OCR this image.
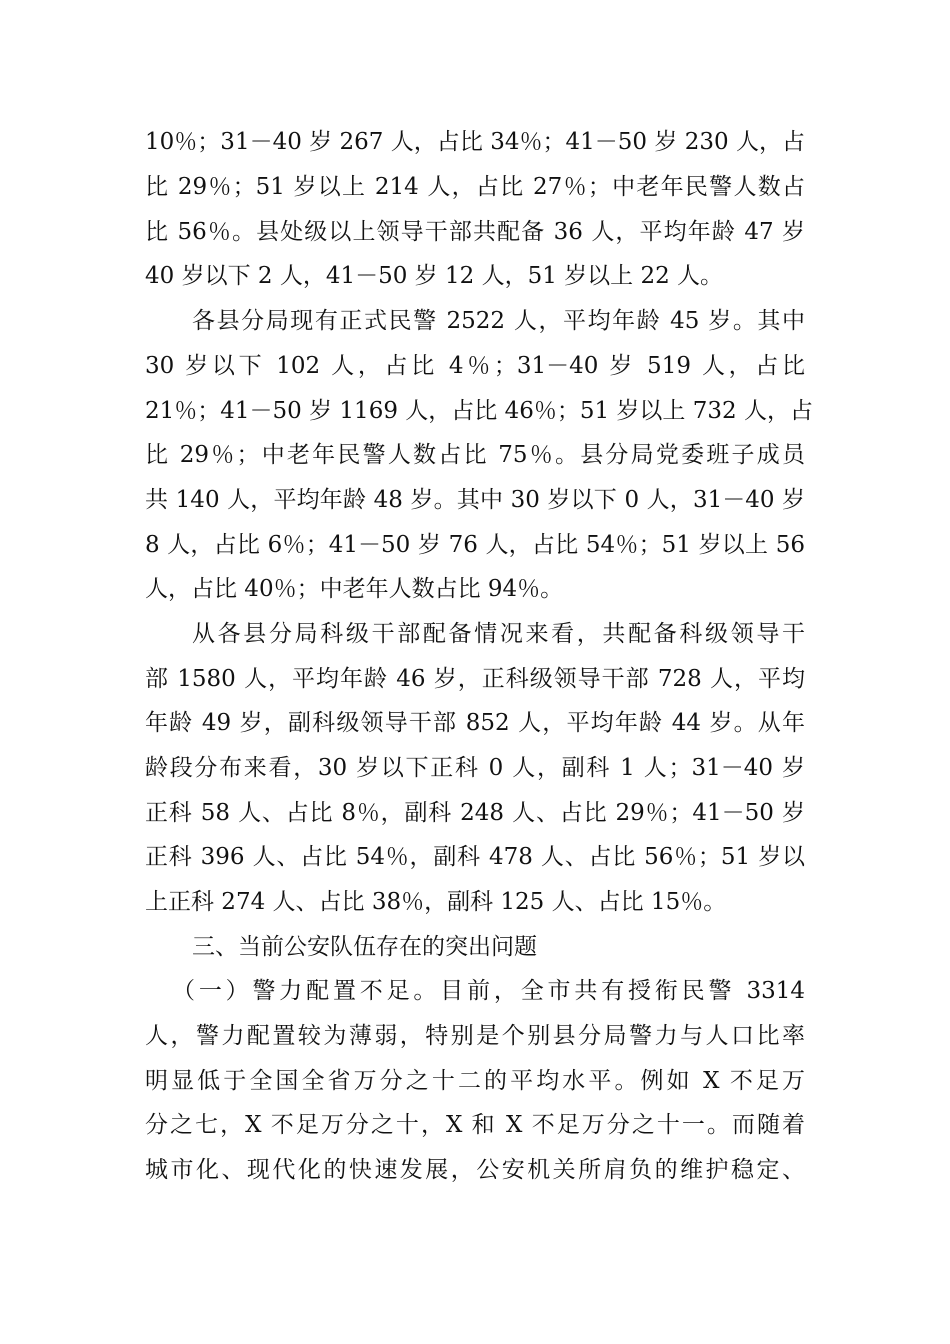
10％；31－40 岁 267 人，占比 34％；41－50 岁 230 人，占
比 29％；51 岁以上 214 人，占比 27％；中老年民警人数占
比 56％。县处级以上领导干部共配备 36 人，平均年龄 47 岁
40 岁以下 2 人，41－50 岁 12 人，51 岁以上 22 人。
各县分局现有正式民警 2522 人，平均年龄 45 岁。其中
30 岁以下 102 人，占比 4％；31－40 岁 519 人，占比
21％；41－50 岁 1169 人，占比 46％；51 岁以上 732 人，占
比 29％；中老年民警人数占比 75％。县分局党委班子成员
共 140 人，平均年龄 48 岁。其中 30 岁以下 0 人，31－40 岁
8 人，占比 6％；41－50 岁 76 人，占比 54％；51 岁以上 56
人，占比 40％；中老年人数占比 94％。
从各县分局科级干部配备情况来看，共配备科级领导干
部 1580 人，平均年龄 46 岁，正科级领导干部 728 人，平均
年龄 49 岁，副科级领导干部 852 人，平均年龄 44 岁。从年
龄段分布来看，30 岁以下正科 0 人，副科 1 人；31－40 岁
正科 58 人、占比 8％，副科 248 人、占比 29％；41－50 岁
正科 396 人、占比 54％，副科 478 人、占比 56％；51 岁以
上正科 274 人、占比 38％，副科 125 人、占比 15％。
三、当前公安队伍存在的突出问题
（一）警力配置不足。目前，全市共有授衔民警 3314
人，警力配置较为薄弱，特别是个别县分局警力与人口比率
明显低于全国全省万分之十二的平均水平。例如 X 不足万
分之七，X 不足万分之十，X 和 X 不足万分之十一。而随着
城市化、现代化的快速发展，公安机关所肩负的维护稳定、
